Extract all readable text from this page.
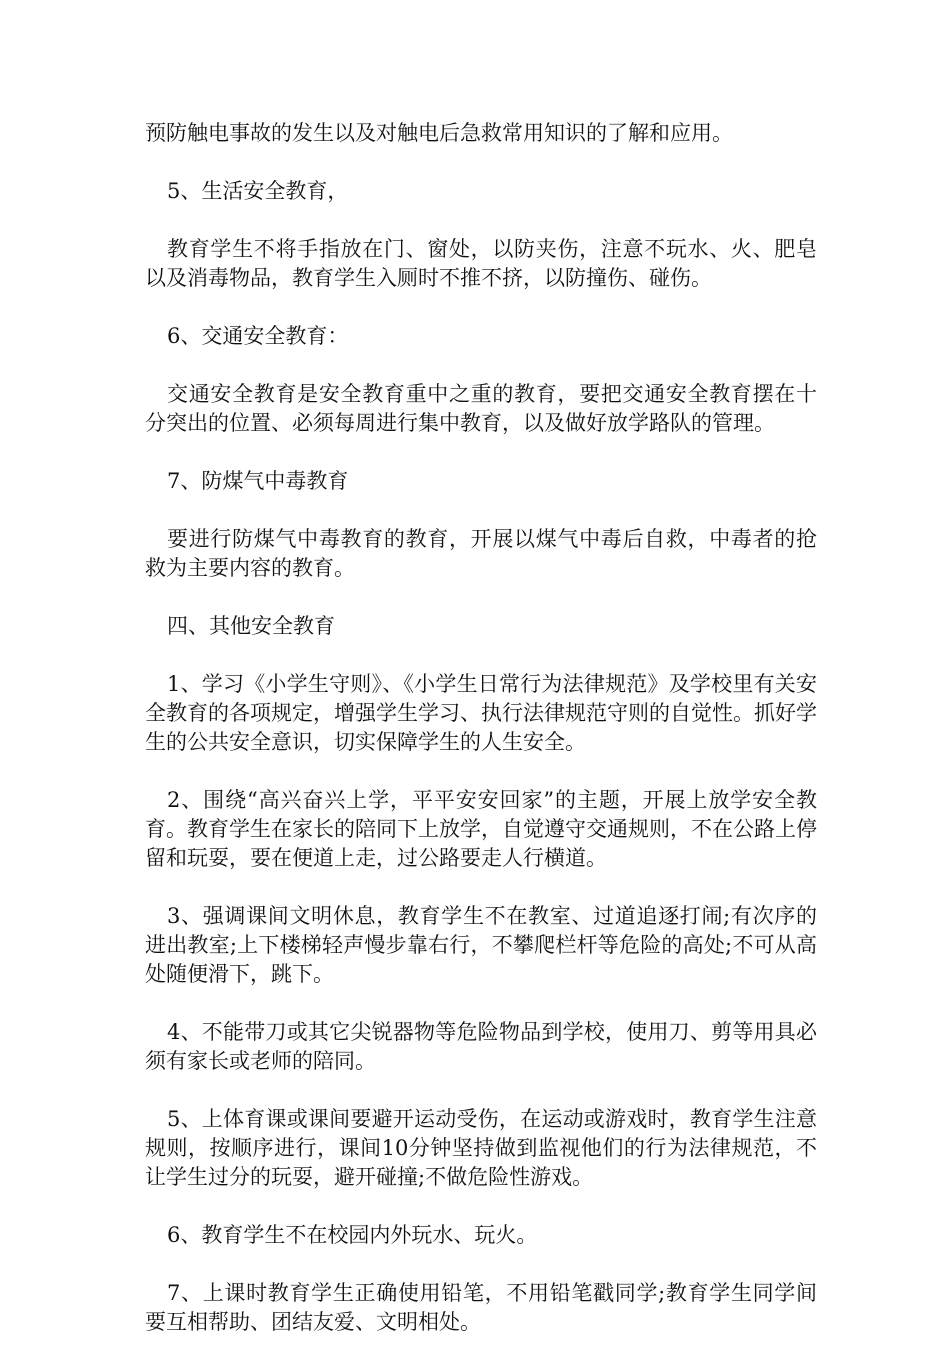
预防触电事故的发生以及对触电后急救常用知识的了解和应用。

5、生活安全教育，

教育学生不将手指放在门、窗处，以防夹伤，注意不玩水、火、肥皂以及消毒物品，教育学生入厕时不推不挤，以防撞伤、碰伤。

6、交通安全教育：

交通安全教育是安全教育重中之重的教育，要把交通安全教育摆在十分突出的位置、必须每周进行集中教育，以及做好放学路队的管理。

7、防煤气中毒教育

要进行防煤气中毒教育的教育，开展以煤气中毒后自救，中毒者的抢救为主要内容的教育。

四、其他安全教育

1、学习《小学生守则》、《小学生日常行为法律规范》及学校里有关安全教育的各项规定，增强学生学习、执行法律规范守则的自觉性。抓好学生的公共安全意识，切实保障学生的人生安全。

2、围绕“高兴奋兴上学，平平安安回家”的主题，开展上放学安全教育。教育学生在家长的陪同下上放学，自觉遵守交通规则，不在公路上停留和玩耍，要在便道上走，过公路要走人行横道。

3、强调课间文明休息，教育学生不在教室、过道追逐打闹;有次序的进出教室;上下楼梯轻声慢步靠右行，不攀爬栏杆等危险的高处;不可从高处随便滑下，跳下。

4、不能带刀或其它尖锐器物等危险物品到学校，使用刀、剪等用具必须有家长或老师的陪同。

5、上体育课或课间要避开运动受伤，在运动或游戏时，教育学生注意规则，按顺序进行，课间10分钟坚持做到监视他们的行为法律规范，不让学生过分的玩耍，避开碰撞;不做危险性游戏。

6、教育学生不在校园内外玩水、玩火。

7、上课时教育学生正确使用铅笔，不用铅笔戳同学;教育学生同学间要互相帮助、团结友爱、文明相处。
